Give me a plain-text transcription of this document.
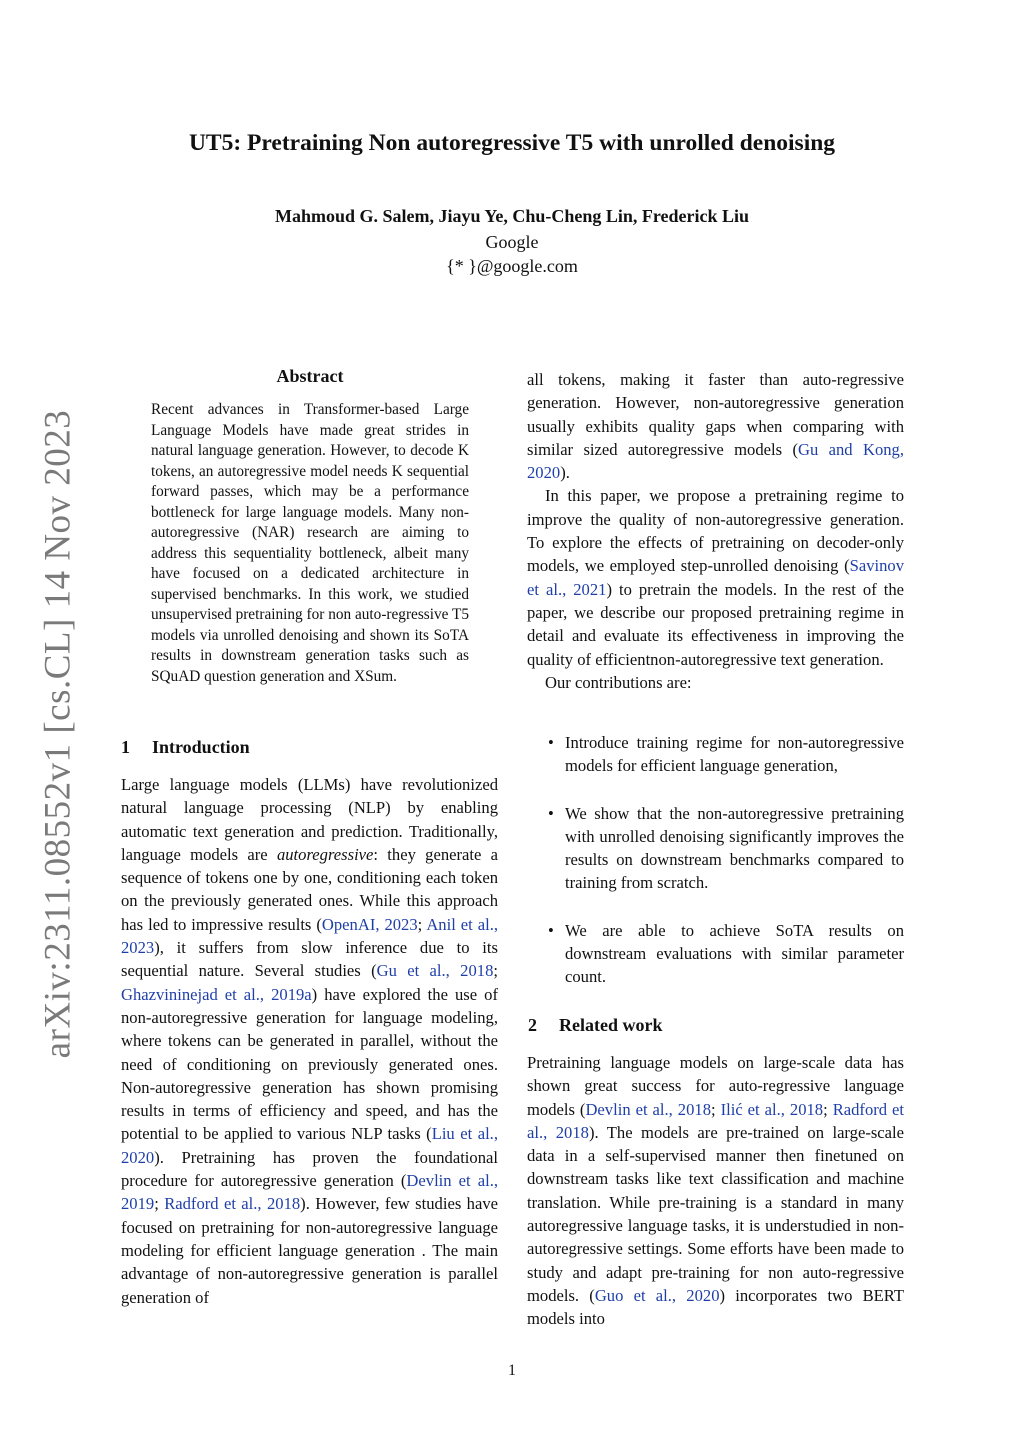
arXiv:2311.08552v1 [cs.CL] 14 Nov 2023
UT5: Pretraining Non autoregressive T5 with unrolled denoising
Mahmoud G. Salem, Jiayu Ye, Chu-Cheng Lin, Frederick Liu
Google
{* }@google.com
Abstract
Recent advances in Transformer-based Large Language Models have made great strides in natural language generation. However, to decode K tokens, an autoregressive model needs K sequential forward passes, which may be a performance bottleneck for large language models. Many non-autoregressive (NAR) research are aiming to address this sequentiality bottleneck, albeit many have focused on a dedicated architecture in supervised benchmarks. In this work, we studied unsupervised pretraining for non auto-regressive T5 models via unrolled denoising and shown its SoTA results in downstream generation tasks such as SQuAD question generation and XSum.
1 Introduction

Large language models (LLMs) have revolutionized natural language processing (NLP) by enabling automatic text generation and prediction. Traditionally, language models are autoregressive: they generate a sequence of tokens one by one, conditioning each token on the previously generated ones. While this approach has led to impressive results (OpenAI, 2023; Anil et al., 2023), it suffers from slow inference due to its sequential nature. Several studies (Gu et al., 2018; Ghazvininejad et al., 2019a) have explored the use of non-autoregressive generation for language modeling, where tokens can be generated in parallel, without the need of conditioning on previously generated ones. Non-autoregressive generation has shown promising results in terms of efficiency and speed, and has the potential to be applied to various NLP tasks (Liu et al., 2020). Pretraining has proven the foundational procedure for autoregressive generation (Devlin et al., 2019; Radford et al., 2018). However, few studies have focused on pretraining for non-autoregressive language modeling for efficient language generation . The main advantage of non-autoregressive generation is parallel generation of

all tokens, making it faster than auto-regressive generation. However, non-autoregressive generation usually exhibits quality gaps when comparing with similar sized autoregressive models (Gu and Kong, 2020).

In this paper, we propose a pretraining regime to improve the quality of non-autoregressive generation. To explore the effects of pretraining on decoder-only models, we employed step-unrolled denoising (Savinov et al., 2021) to pretrain the models. In the rest of the paper, we describe our proposed pretraining regime in detail and evaluate its effectiveness in improving the quality of efficientnon-autoregressive text generation.

Our contributions are:

• Introduce training regime for non-autoregressive models for efficient language generation,
• We show that the non-autoregressive pretraining with unrolled denoising significantly improves the results on downstream benchmarks compared to training from scratch.
• We are able to achieve SoTA results on downstream evaluations with similar parameter count.
2 Related work

Pretraining language models on large-scale data has shown great success for auto-regressive language models (Devlin et al., 2018; Ilić et al., 2018; Radford et al., 2018). The models are pre-trained on large-scale data in a self-supervised manner then finetuned on downstream tasks like text classification and machine translation. While pre-training is a standard in many autoregressive language tasks, it is understudied in non-autoregressive settings. Some efforts have been made to study and adapt pre-training for non auto-regressive models. (Guo et al., 2020) incorporates two BERT models into

1
